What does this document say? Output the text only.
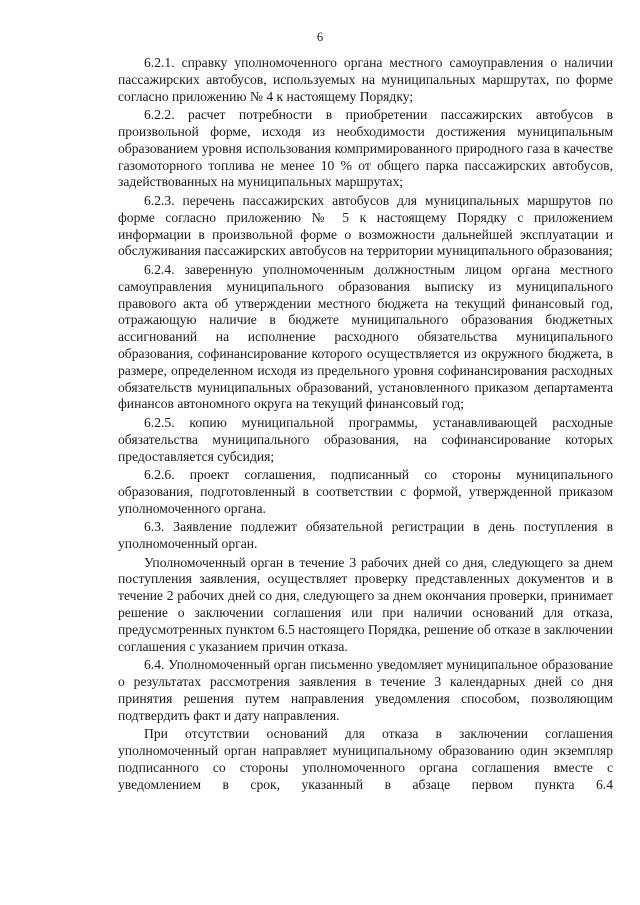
6

6.2.1. справку уполномоченного органа местного самоуправления о наличии пассажирских автобусов, используемых на муниципальных маршрутах, по форме согласно приложению № 4 к настоящему Порядку;

6.2.2. расчет потребности в приобретении пассажирских автобусов в произвольной форме, исходя из необходимости достижения муниципальным образованием уровня использования компримированного природного газа в качестве газомоторного топлива не менее 10 % от общего парка пассажирских автобусов, задействованных на муниципальных маршрутах;

6.2.3. перечень пассажирских автобусов для муниципальных маршрутов по форме согласно приложению № 5 к настоящему Порядку с приложением информации в произвольной форме о возможности дальнейшей эксплуатации и обслуживания пассажирских автобусов на территории муниципального образования;

6.2.4. заверенную уполномоченным должностным лицом органа местного самоуправления муниципального образования выписку из муниципального правового акта об утверждении местного бюджета на текущий финансовый год, отражающую наличие в бюджете муниципального образования бюджетных ассигнований на исполнение расходного обязательства муниципального образования, софинансирование которого осуществляется из окружного бюджета, в размере, определенном исходя из предельного уровня софинансирования расходных обязательств муниципальных образований, установленного приказом департамента финансов автономного округа на текущий финансовый год;

6.2.5. копию муниципальной программы, устанавливающей расходные обязательства муниципального образования, на софинансирование которых предоставляется субсидия;

6.2.6. проект соглашения, подписанный со стороны муниципального образования, подготовленный в соответствии с формой, утвержденной приказом уполномоченного органа.

6.3. Заявление подлежит обязательной регистрации в день поступления в уполномоченный орган.

Уполномоченный орган в течение 3 рабочих дней со дня, следующего за днем поступления заявления, осуществляет проверку представленных документов и в течение 2 рабочих дней со дня, следующего за днем окончания проверки, принимает решение о заключении соглашения или при наличии оснований для отказа, предусмотренных пунктом 6.5 настоящего Порядка, решение об отказе в заключении соглашения с указанием причин отказа.

6.4. Уполномоченный орган письменно уведомляет муниципальное образование о результатах рассмотрения заявления в течение 3 календарных дней со дня принятия решения путем направления уведомления способом, позволяющим подтвердить факт и дату направления.

При отсутствии оснований для отказа в заключении соглашения уполномоченный орган направляет муниципальному образованию один экземпляр подписанного со стороны уполномоченного органа соглашения вместе с уведомлением в срок, указанный в абзаце первом пункта 6.4
